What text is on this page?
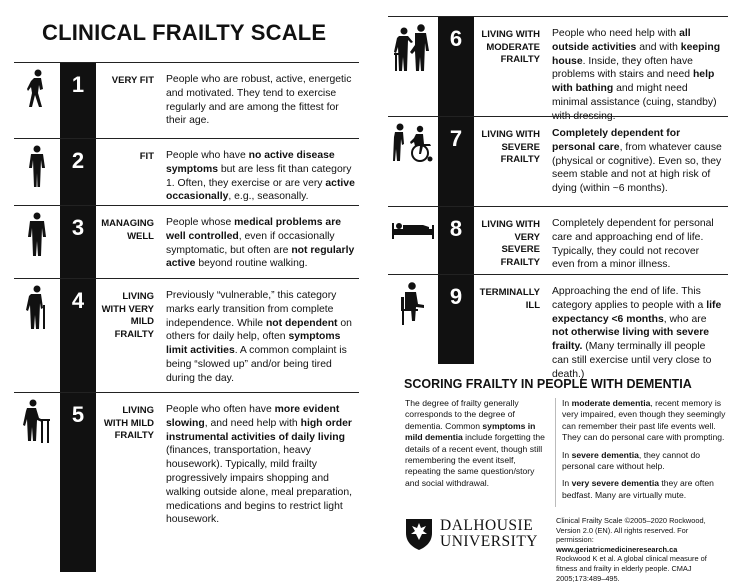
CLINICAL FRAILTY SCALE
1	VERY FIT	People who are robust, active, energetic and motivated. They tend to exercise regularly and are among the fittest for their age.
2	FIT	People who have no active disease symptoms but are less fit than category 1. Often, they exercise or are very active occasionally, e.g., seasonally.
3	MANAGING WELL
People whose medical problems are well controlled, even if occasionally symptomatic, but often are not regularly active beyond routine walking.
4	LIVING WITH VERY MILD FRAILTY
Previously “vulnerable,” this category marks early transition from complete independence. While not dependent on others for daily help, often symptoms limit activities. A common complaint is being “slowed up” and/or being tired during the day.
5	LIVING WITH MILD FRAILTY
People who often have more evident slowing, and need help with high order instrumental activities of daily living (finances, transportation, heavy housework). Typically, mild frailty progressively impairs shopping and walking outside alone, meal preparation, medications and begins to restrict light housework.
6	LIVING WITH MODERATE FRAILTY
People who need help with all outside activities and with keeping house. Inside, they often have problems with stairs and need help with bathing and might need minimal assistance (cuing, standby) with dressing.
7	LIVING WITH SEVERE FRAILTY
Completely dependent for personal care, from whatever cause (physical or cognitive). Even so, they seem stable and not at high risk of dying (within ~6 months).
8	LIVING WITH VERY SEVERE FRAILTY
Completely dependent for personal care and approaching end of life. Typically, they could not recover even from a minor illness.
9	TERMINALLY ILL
Approaching the end of life. This category applies to people with a life expectancy <6 months, who are not otherwise living with severe frailty. (Many terminally ill people can still exercise until very close to death.)
SCORING FRAILTY IN PEOPLE WITH DEMENTIA
The degree of frailty generally corresponds to the degree of dementia. Common symptoms in mild dementia include forgetting the details of a recent event, though still remembering the event itself, repeating the same question/story and social withdrawal.

In moderate dementia, recent memory is very impaired, even though they seemingly can remember their past life events well. They can do personal care with prompting.

In severe dementia, they cannot do personal care without help.

In very severe dementia they are often bedfast. Many are virtually mute.

DALHOUSIE
UNIVERSITY
Clinical Frailty Scale ©2005–2020 Rockwood, Version 2.0 (EN). All rights reserved. For permission:
www.geriatricmedicineresearch.ca
Rockwood K et al. A global clinical measure of fitness and frailty in elderly people. CMAJ 2005;173:489–495.
